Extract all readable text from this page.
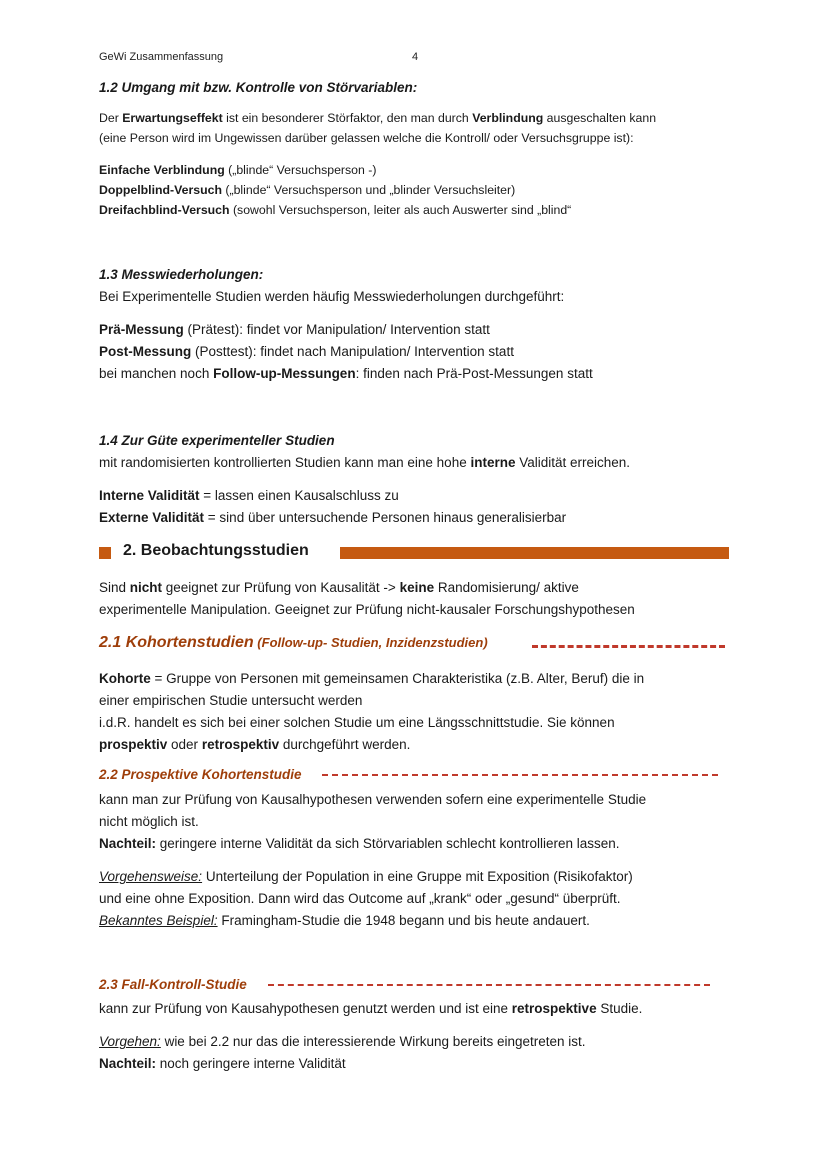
GeWi Zusammenfassung	4
1.2 Umgang mit bzw. Kontrolle von Störvariablen:
Der Erwartungseffekt ist ein besonderer Störfaktor, den man durch Verblindung ausgeschalten kann
(eine Person wird im Ungewissen darüber gelassen welche die Kontroll/ oder Versuchsgruppe ist):
Einfache Verblindung („blinde“ Versuchsperson -)
Doppelblind-Versuch („blinde“ Versuchsperson und „blinder Versuchsleiter)
Dreifachblind-Versuch (sowohl Versuchsperson, leiter als auch Auswerter sind „blind“
1.3 Messwiederholungen:
Bei Experimentelle Studien werden häufig Messwiederholungen durchgeführt:
Prä-Messung (Prätest): findet vor Manipulation/ Intervention statt
Post-Messung (Posttest): findet nach Manipulation/ Intervention statt
bei manchen noch Follow-up-Messungen: finden nach Prä-Post-Messungen statt
1.4 Zur Güte experimenteller Studien
mit randomisierten kontrollierten Studien kann man eine hohe interne Validität erreichen.
Interne Validität = lassen einen Kausalschluss zu
Externe Validität = sind über untersuchende Personen hinaus generalisierbar
2. Beobachtungsstudien
Sind nicht geeignet zur Prüfung von Kausalität -> keine Randomisierung/ aktive
experimentelle Manipulation. Geeignet zur Prüfung nicht-kausaler Forschungshypothesen
2.1 Kohortenstudien (Follow-up- Studien, Inzidenzstudien)
Kohorte = Gruppe von Personen mit gemeinsamen Charakteristika (z.B. Alter, Beruf) die in
einer empirischen Studie untersucht werden
i.d.R. handelt es sich bei einer solchen Studie um eine Längsschnittstudie. Sie können
prospektiv oder retrospektiv durchgeführt werden.
2.2 Prospektive Kohortenstudie
kann man zur Prüfung von Kausalhypothesen verwenden sofern eine experimentelle Studie
nicht möglich ist.
Nachteil: geringere interne Validität da sich Störvariablen schlecht kontrollieren lassen.
Vorgehensweise: Unterteilung der Population in eine Gruppe mit Exposition (Risikofaktor)
und eine ohne Exposition. Dann wird das Outcome auf „krank“ oder „gesund“ überprüft.
Bekanntes Beispiel: Framingham-Studie die 1948 begann und bis heute andauert.
2.3 Fall-Kontroll-Studie
kann zur Prüfung von Kausahypothesen genutzt werden und ist eine retrospektive Studie.
Vorgehen: wie bei 2.2 nur das die interessierende Wirkung bereits eingetreten ist.
Nachteil: noch geringere interne Validität
